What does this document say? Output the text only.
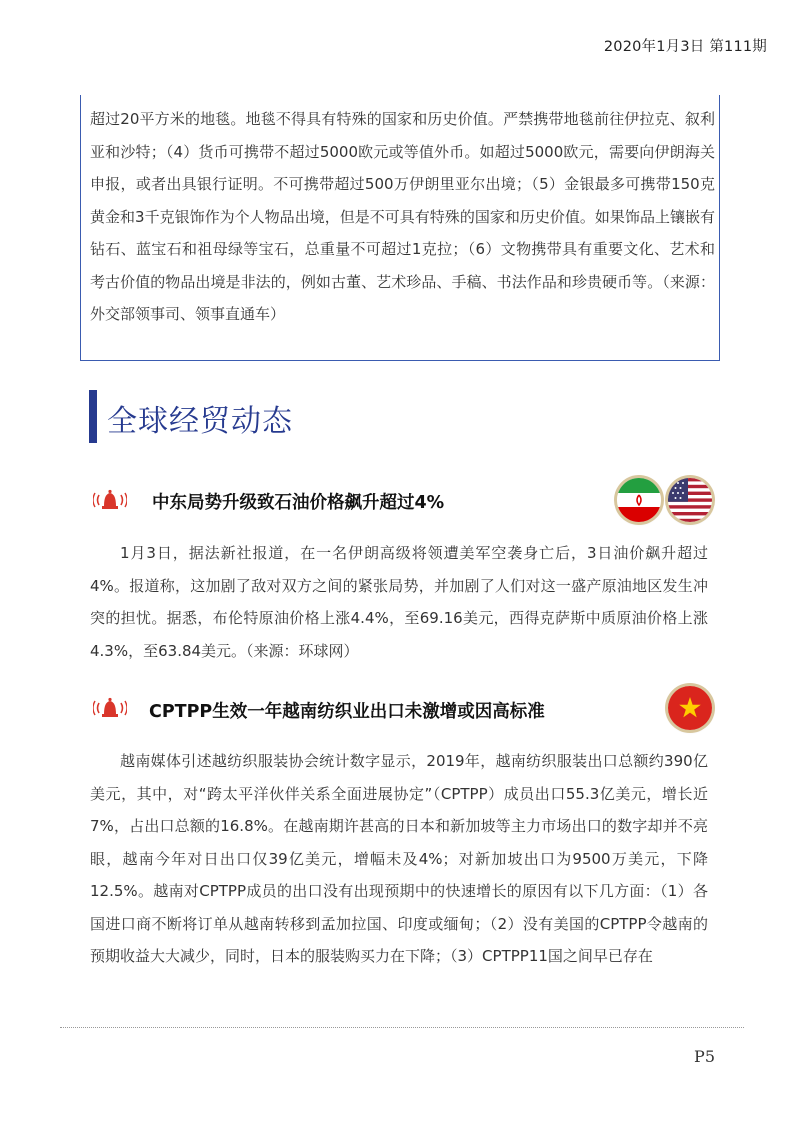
2020年1月3日 第111期

超过20平方米的地毯。地毯不得具有特殊的国家和历史价值。严禁携带地毯前往伊拉克、叙利亚和沙特；（4）货币可携带不超过5000欧元或等值外币。如超过5000欧元，需要向伊朗海关申报，或者出具银行证明。不可携带超过500万伊朗里亚尔出境；（5）金银最多可携带150克黄金和3千克银饰作为个人物品出境，但是不可具有特殊的国家和历史价值。如果饰品上镶嵌有钻石、蓝宝石和祖母绿等宝石，总重量不可超过1克拉；（6）文物携带具有重要文化、艺术和考古价值的物品出境是非法的，例如古董、艺术珍品、手稿、书法作品和珍贵硬币等。（来源：外交部领事司、领事直通车）

全球经贸动态
中东局势升级致石油价格飙升超过4%

1月3日，据法新社报道，在一名伊朗高级将领遭美军空袭身亡后，3日油价飙升超过4%。报道称，这加剧了敌对双方之间的紧张局势，并加剧了人们对这一盛产原油地区发生冲突的担忧。据悉，布伦特原油价格上涨4.4%，至69.16美元，西得克萨斯中质原油价格上涨4.3%，至63.84美元。（来源：环球网）

CPTPP生效一年越南纺织业出口未激增或因高标准

越南媒体引述越纺织服装协会统计数字显示，2019年，越南纺织服装出口总额约390亿美元，其中，对“跨太平洋伙伴关系全面进展协定”（CPTPP）成员出口55.3亿美元，增长近7%，占出口总额的16.8%。在越南期许甚高的日本和新加坡等主力市场出口的数字却并不亮眼，越南今年对日出口仅39亿美元，增幅未及4%；对新加坡出口为9500万美元，下降12.5%。越南对CPTPP成员的出口没有出现预期中的快速增长的原因有以下几方面：（1）各国进口商不断将订单从越南转移到孟加拉国、印度或缅甸；（2）没有美国的CPTPP令越南的预期收益大大减少，同时，日本的服装购买力在下降；（3）CPTPP11国之间早已存在

P5
